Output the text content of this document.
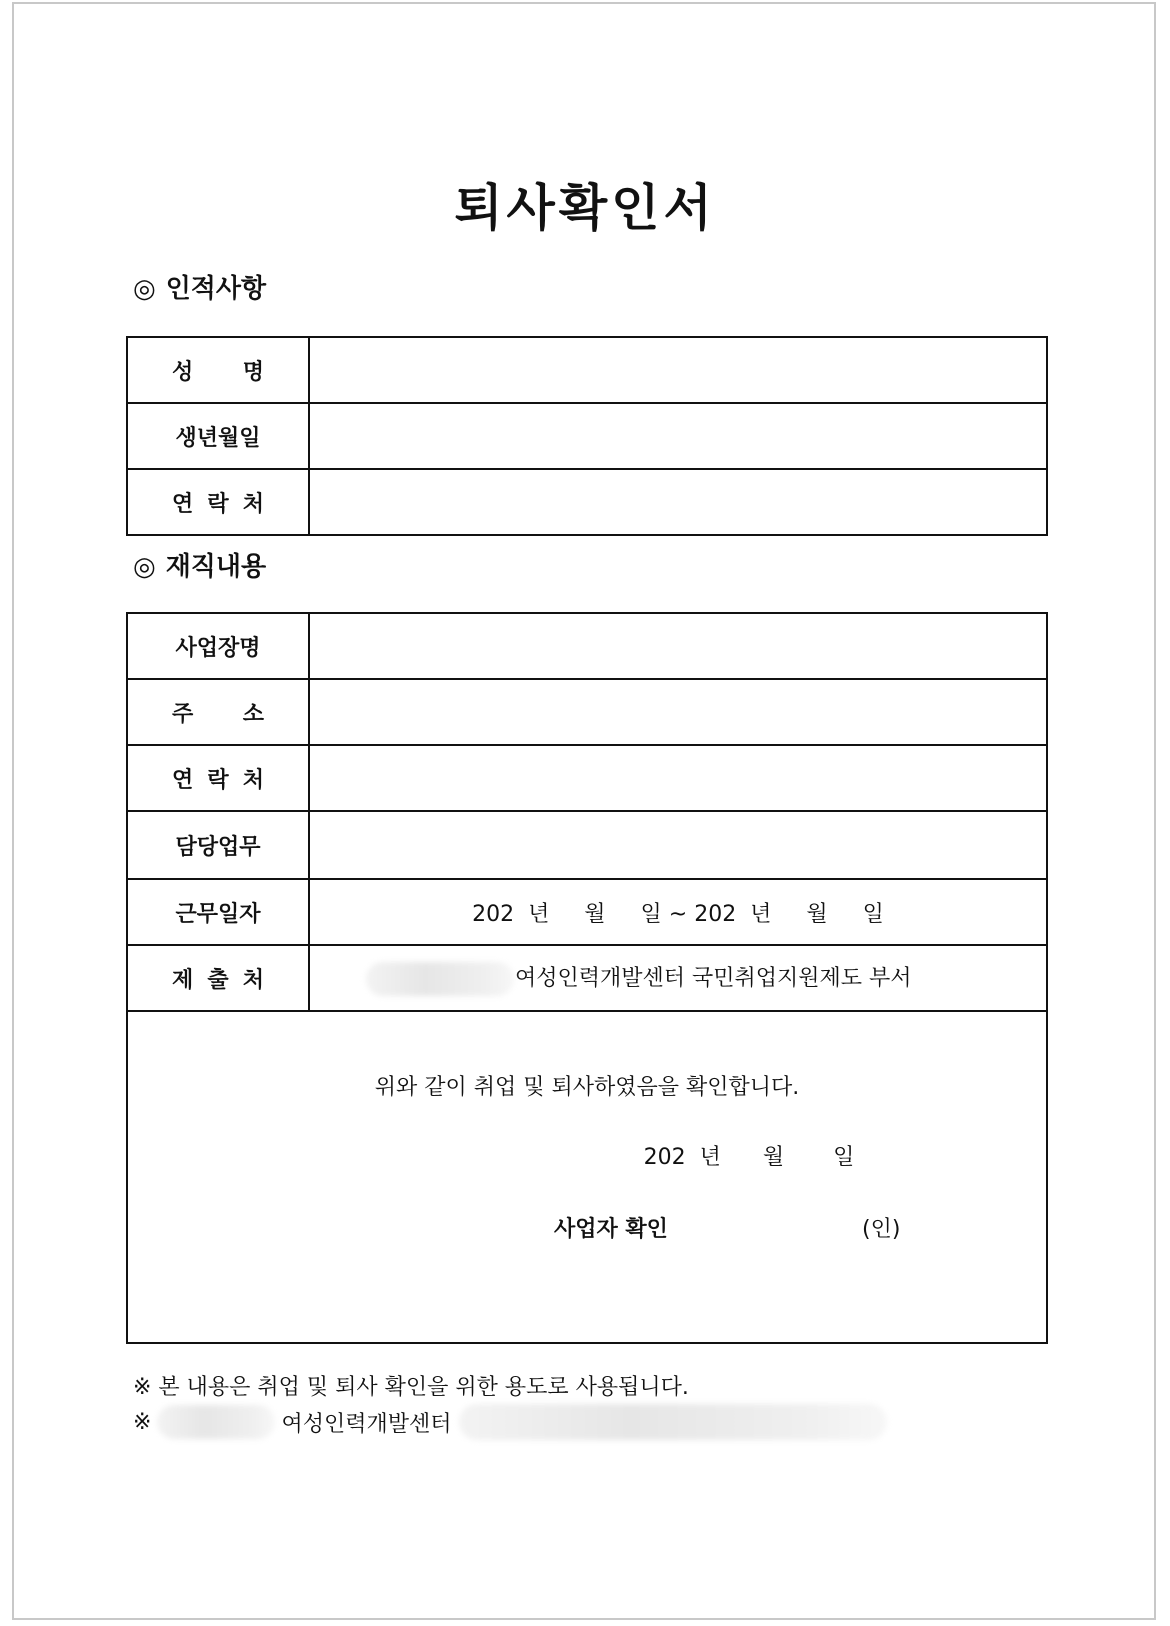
퇴사확인서
◎ 인적사항
성 명	

생년월일	

연 락 처	

◎ 재직내용
사업장명	

주 소	

연 락 처	

담당업무	
근무일자	202  년     월     일 ~ 202  년     월     일

제 출 처	여성인력개발센터 국민취업지원제도 부서

위와 같이 취업 및 퇴사하였음을 확인합니다.

202  년      월       일

사업자 확인 (인)	

※ 본 내용은 취업 및 퇴사 확인을 위한 용도로 사용됩니다.

※	여성인력개발센터
